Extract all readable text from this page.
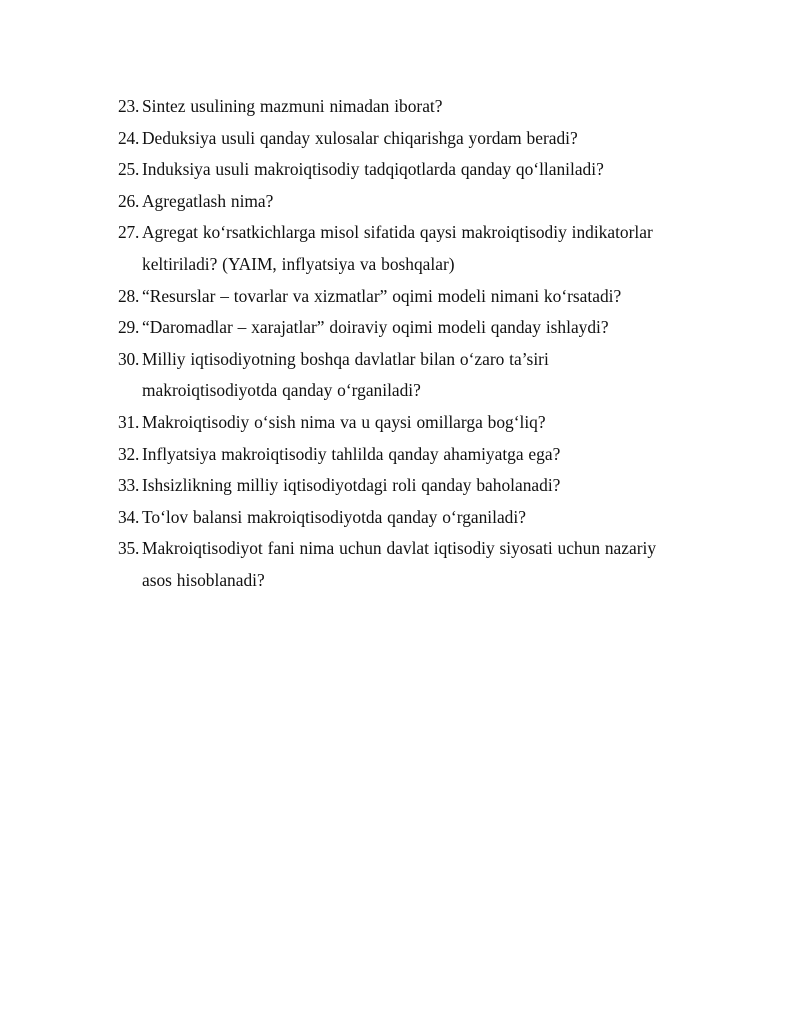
23. Sintez usulining mazmuni nimadan iborat?
24. Deduksiya usuli qanday xulosalar chiqarishga yordam beradi?
25. Induksiya usuli makroiqtisodiy tadqiqotlarda qanday qo‘llaniladi?
26. Agregatlash nima?
27. Agregat ko‘rsatkichlarga misol sifatida qaysi makroiqtisodiy indikatorlar
keltiriladi? (YAIM, inflyatsiya va boshqalar)
28. “Resurslar – tovarlar va xizmatlar” oqimi modeli nimani ko‘rsatadi?
29. “Daromadlar – xarajatlar” doiraviy oqimi modeli qanday ishlaydi?
30. Milliy iqtisodiyotning boshqa davlatlar bilan o‘zaro ta’siri
makroiqtisodiyotda qanday o‘rganiladi?
31. Makroiqtisodiy o‘sish nima va u qaysi omillarga bog‘liq?
32. Inflyatsiya makroiqtisodiy tahlilda qanday ahamiyatga ega?
33. Ishsizlikning milliy iqtisodiyotdagi roli qanday baholanadi?
34. To‘lov balansi makroiqtisodiyotda qanday o‘rganiladi?
35. Makroiqtisodiyot fani nima uchun davlat iqtisodiy siyosati uchun nazariy
asos hisoblanadi?
